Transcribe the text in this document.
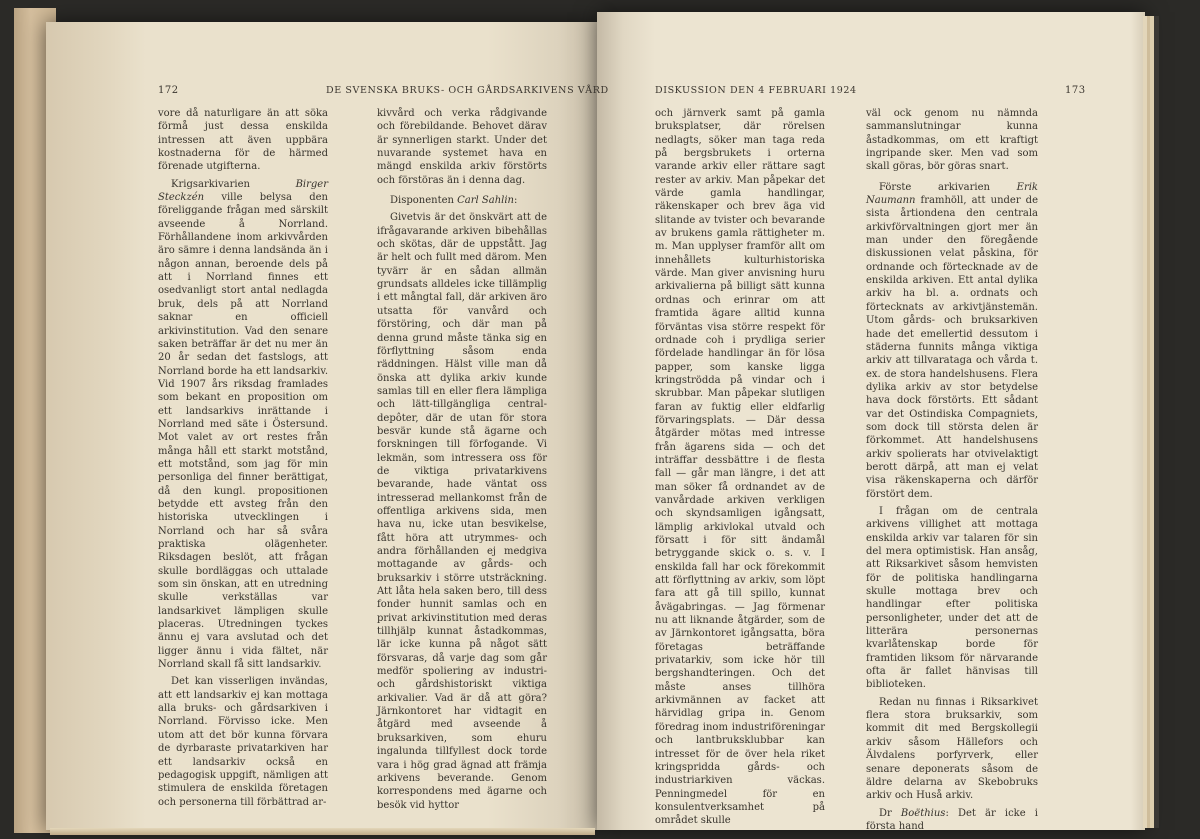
172	DE SVENSKA BRUKS- OCH GÅRDSARKIVENS VÅRD	DISKUSSION DEN 4 FEBRUARI 1924	173

vore då naturligare än att söka förmå just dessa enskilda intressen att även uppbära kostnaderna för de härmed förenade utgifterna.

Krigsarkivarien Birger Steckzén ville belysa den föreliggande frågan med särskilt avseende å Norrland. Förhållandene inom arkivvården äro sämre i denna landsända än i någon annan, beroende dels på att i Norrland finnes ett osedvanligt stort antal nedlagda bruk, dels på att Norrland saknar en officiell arkivinstitution. Vad den senare saken beträffar är det nu mer än 20 år sedan det fastslogs, att Norrland borde ha ett landsarkiv. Vid 1907 års riksdag framlades som bekant en proposition om ett landsarkivs inrättande i Norrland med säte i Östersund. Mot valet av ort restes från många håll ett starkt motstånd, ett motstånd, som jag för min personliga del finner berättigat, då den kungl. propositionen betydde ett avsteg från den historiska utvecklingen i Norrland och har så svåra praktiska olägenheter. Riksdagen beslöt, att frågan skulle bordläggas och uttalade som sin önskan, att en utredning skulle verkställas var landsarkivet lämpligen skulle placeras. Utredningen tyckes ännu ej vara avslutad och det ligger ännu i vida fältet, när Norrland skall få sitt landsarkiv.

Det kan visserligen invändas, att ett landsarkiv ej kan mottaga alla bruks- och gårdsarkiven i Norrland. Förvisso icke. Men utom att det bör kunna förvara de dyrbaraste privatarkiven har ett landsarkiv också en pedagogisk uppgift, nämligen att stimulera de enskilda företagen och personerna till förbättrad ar-

kivvård och verka rådgivande och förebildande. Behovet därav är synnerligen starkt. Under det nuvarande systemet hava en mängd enskilda arkiv förstörts och förstöras än i denna dag.

Disponenten Carl Sahlin:

Givetvis är det önskvärt att de ifrågavarande arkiven bibehållas och skötas, där de uppstått. Jag är helt och fullt med därom. Men tyvärr är en sådan allmän grundsats alldeles icke tillämplig i ett mångtal fall, där arkiven äro utsatta för vanvård och förstöring, och där man på denna grund måste tänka sig en förflyttning såsom enda räddningen. Hälst ville man då önska att dylika arkiv kunde samlas till en eller flera lämpliga och lätt-tillgängliga central-depôter, där de utan för stora besvär kunde stå ägarne och forskningen till förfogande. Vi lekmän, som intressera oss för de viktiga privatarkivens bevarande, hade väntat oss intresserad mellankomst från de offentliga arkivens sida, men hava nu, icke utan besvikelse, fått höra att utrymmes- och andra förhållanden ej medgiva mottagande av gårds- och bruksarkiv i större utsträckning. Att låta hela saken bero, till dess fonder hunnit samlas och en privat arkivinstitution med deras tillhjälp kunnat åstadkommas, lär icke kunna på något sätt försvaras, då varje dag som går medför spoliering av industri- och gårdshistoriskt viktiga arkivalier. Vad är då att göra? Järnkontoret har vidtagit en åtgärd med avseende å bruksarkiven, som ehuru ingalunda tillfyllest dock torde vara i hög grad ägnad att främja arkivens beverande. Genom korrespondens med ägarne och besök vid hyttor

och järnverk samt på gamla bruksplatser, där rörelsen nedlagts, söker man taga reda på bergsbrukets i orterna varande arkiv eller rättare sagt rester av arkiv. Man påpekar det värde gamla handlingar, räkenskaper och brev äga vid slitande av tvister och bevarande av brukens gamla rättigheter m. m. Man upplyser framför allt om innehållets kulturhistoriska värde. Man giver anvisning huru arkivalierna på billigt sätt kunna ordnas och erinrar om att framtida ägare alltid kunna förväntas visa större respekt för ordnade coh i prydliga serier fördelade handlingar än för lösa papper, som kanske ligga kringströdda på vindar och i skrubbar. Man påpekar slutligen faran av fuktig eller eldfarlig förvaringsplats. — Där dessa åtgärder mötas med intresse från ägarens sida — och det inträffar dessbättre i de flesta fall — går man längre, i det att man söker få ordnandet av de vanvårdade arkiven verkligen och skyndsamligen igångsatt, lämplig arkivlokal utvald och försatt i för sitt ändamål betryggande skick o. s. v. I enskilda fall har ock förekommit att förflyttning av arkiv, som löpt fara att gå till spillo, kunnat åvägabringas. — Jag förmenar nu att liknande åtgärder, som de av Järnkontoret igångsatta, böra företagas beträffande privatarkiv, som icke hör till bergshandteringen. Och det måste anses tillhöra arkivmännen av facket att härvidlag gripa in. Genom föredrag inom industriföreningar och lantbruksklubbar kan intresset för de över hela riket kringspridda gårds- och industriarkiven väckas. Penningmedel för en konsulentverksamhet på området skulle

väl ock genom nu nämnda sammanslutningar kunna åstadkommas, om ett kraftigt ingripande sker. Men vad som skall göras, bör göras snart.

Förste arkivarien Erik Naumann framhöll, att under de sista årtiondena den centrala arkivförvaltningen gjort mer än man under den föregående diskussionen velat påskina, för ordnande och förtecknade av de enskilda arkiven. Ett antal dylika arkiv ha bl. a. ordnats och förtecknats av arkivtjänstemän. Utom gårds- och bruksarkiven hade det emellertid dessutom i städerna funnits många viktiga arkiv att tillvarataga och vårda t. ex. de stora handelshusens. Flera dylika arkiv av stor betydelse hava dock förstörts. Ett sådant var det Ostindiska Compagniets, som dock till största delen är förkommet. Att handelshusens arkiv spolierats har otvivelaktigt berott därpå, att man ej velat visa räkenskaperna och därför förstört dem.

I frågan om de centrala arkivens villighet att mottaga enskilda arkiv var talaren för sin del mera optimistisk. Han ansåg, att Riksarkivet såsom hemvisten för de politiska handlingarna skulle mottaga brev och handlingar efter politiska personligheter, under det att de litterära personernas kvarlåtenskap borde för framtiden liksom för närvarande ofta är fallet hänvisas till biblioteken.

Redan nu finnas i Riksarkivet flera stora bruksarkiv, som kommit dit med Bergskollegii arkiv såsom Hällefors och Älvdalens porfyrverk, eller senare deponerats såsom de äldre delarna av Skebobruks arkiv och Huså arkiv.

Dr Boëthius: Det är icke i första hand
